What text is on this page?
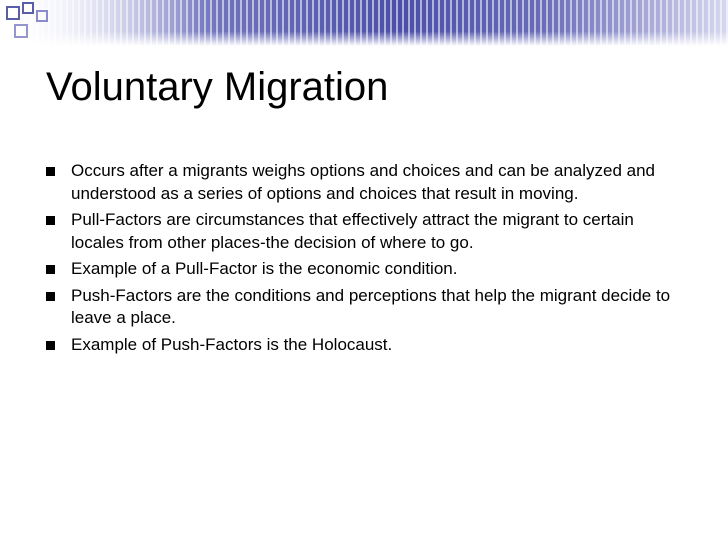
Voluntary Migration
Occurs after a migrants weighs options and choices and can be analyzed and understood as a series of options and choices that result in moving.
Pull-Factors are circumstances that effectively attract the migrant to certain locales from other places-the decision of where to go.
Example of a Pull-Factor is the economic condition.
Push-Factors are the conditions and perceptions that help the migrant decide to leave a place.
Example of Push-Factors is the Holocaust.
